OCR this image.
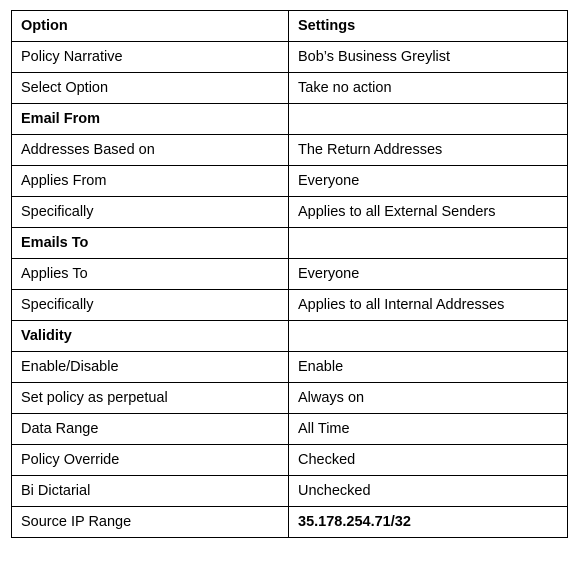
Option	Settings
Policy Narrative	Bob’s Business Greylist
Select Option	Take no action
Email From	
Addresses Based on	The Return Addresses
Applies From	Everyone
Specifically	Applies to all External Senders
Emails To	
Applies To	Everyone
Specifically	Applies to all Internal Addresses
Validity	
Enable/Disable	Enable
Set policy as perpetual	Always on
Data Range	All Time
Policy Override	Checked
Bi Dictarial	Unchecked
Source IP Range	35.178.254.71/32
